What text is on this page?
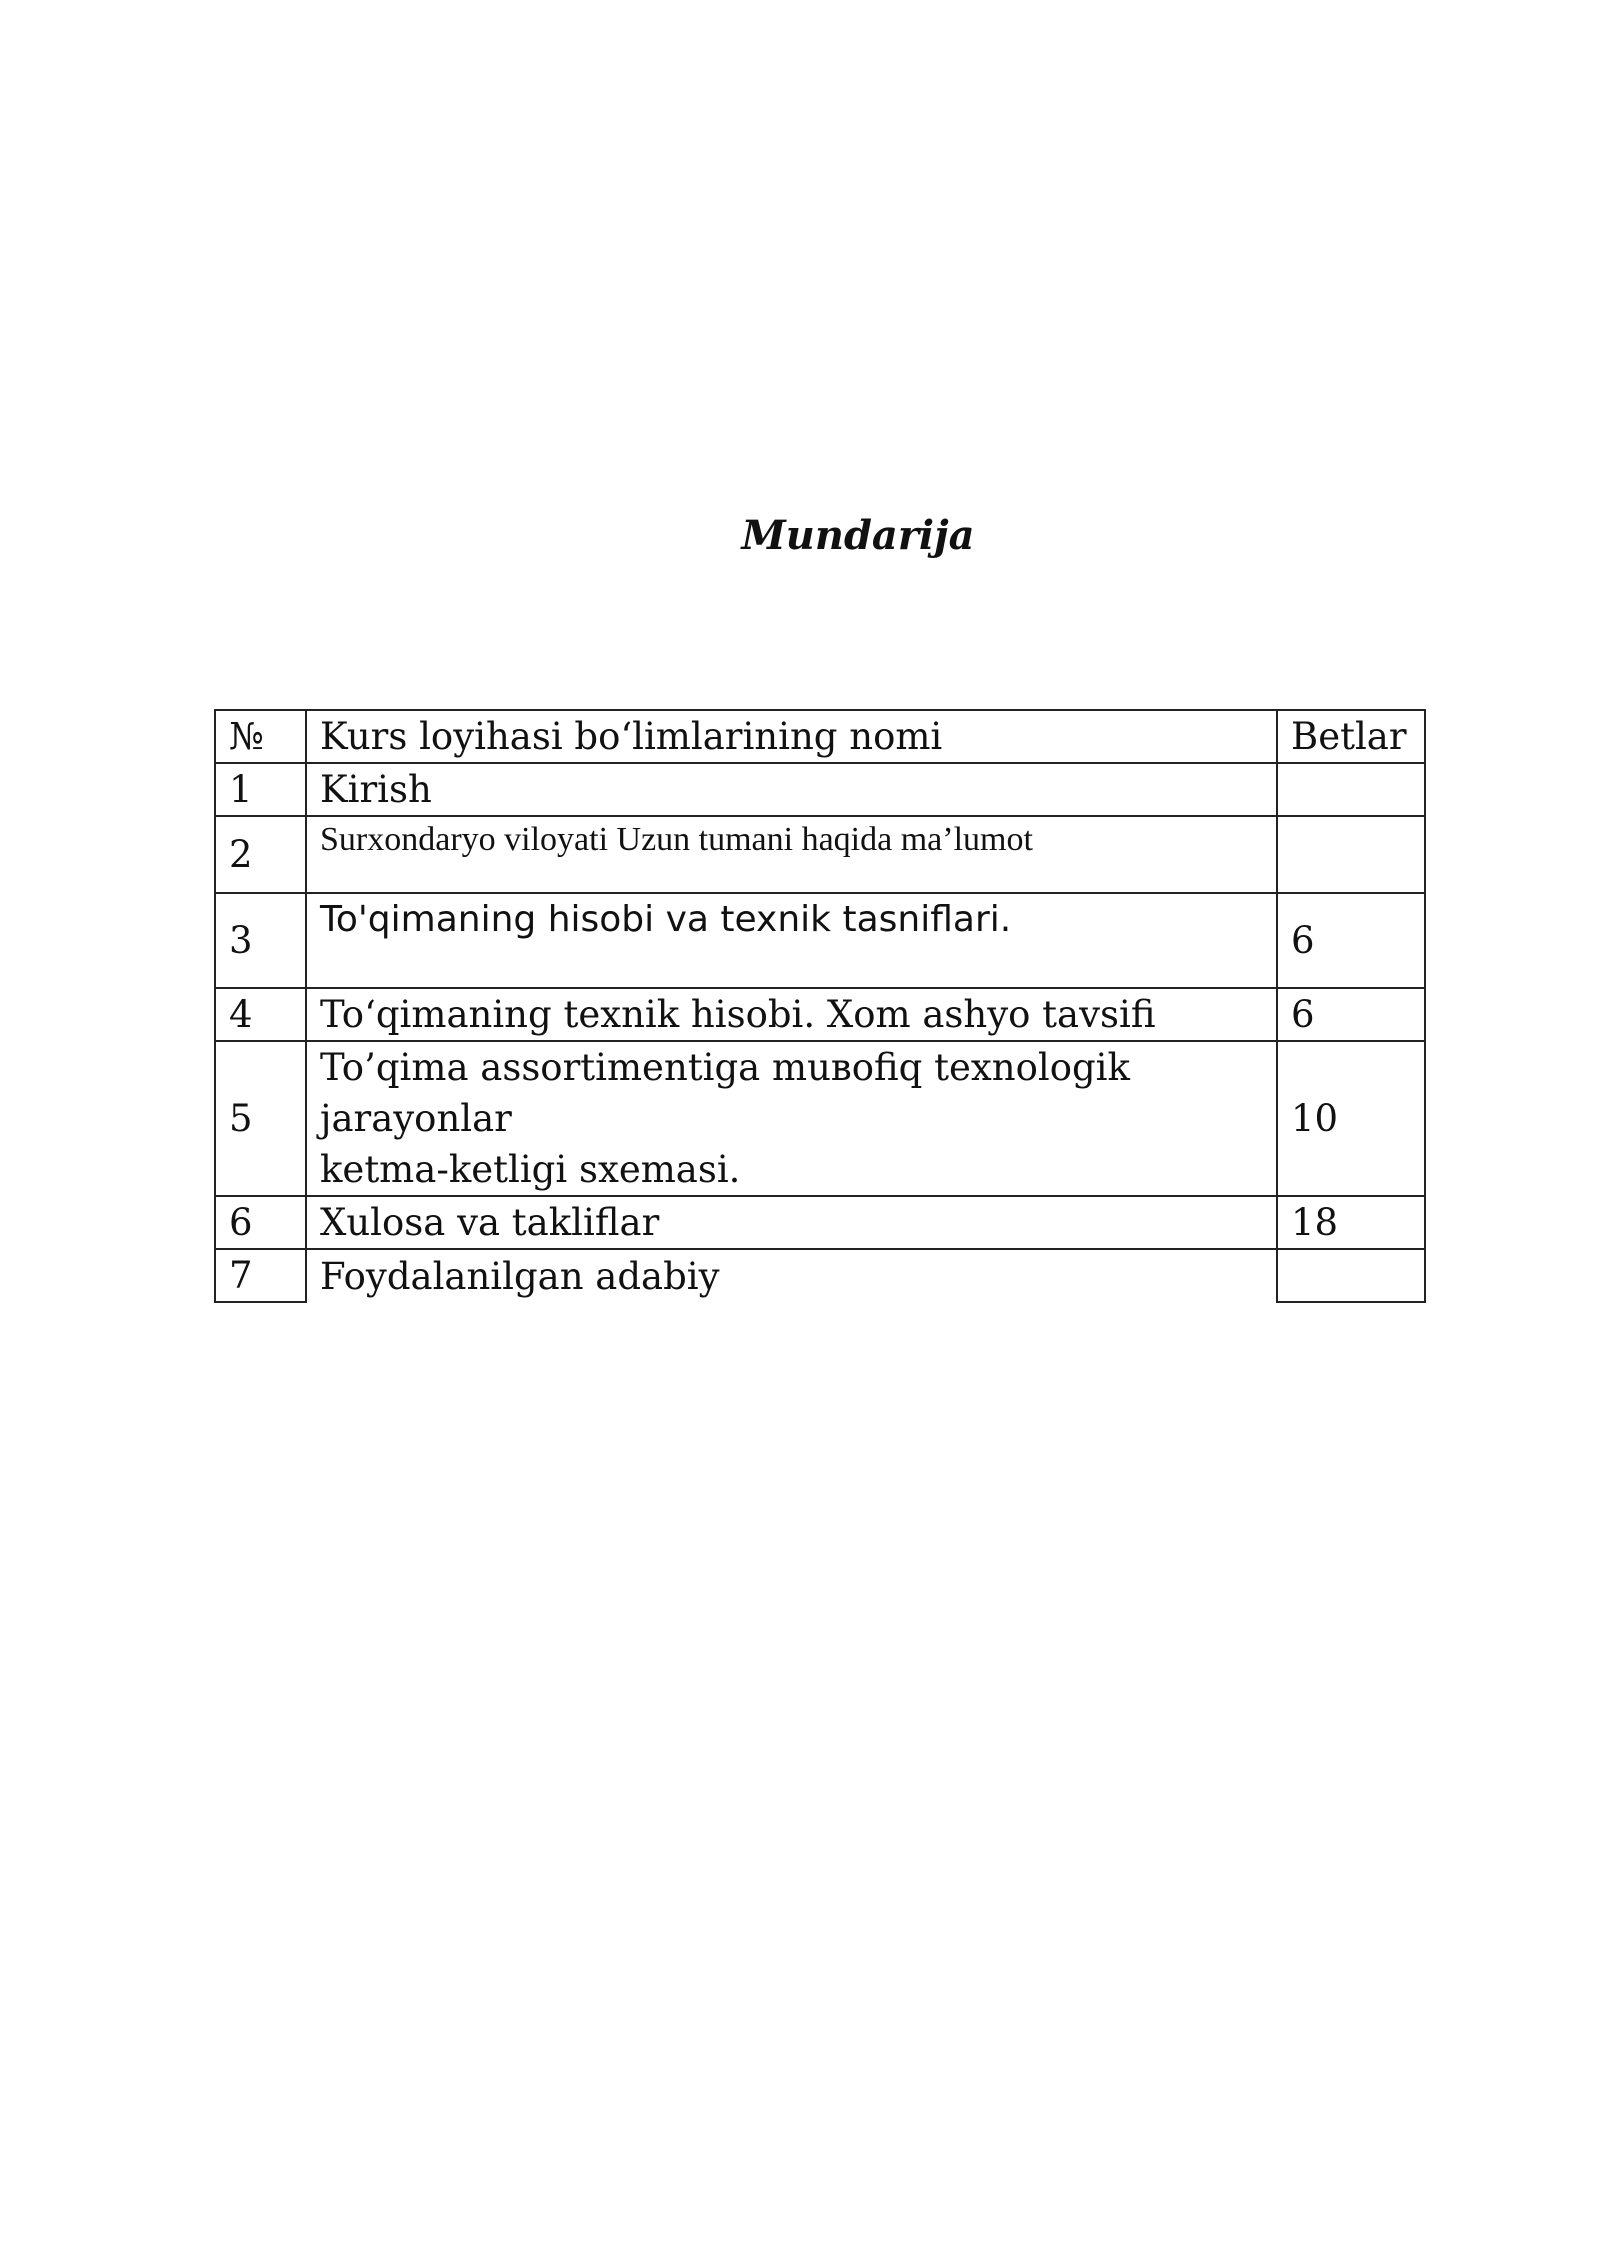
Mundarija
№	Kurs loyihasi bo‘limlarining nomi	Betlar
1	Kirish	
2	Surxondaryo viloyati Uzun tumani haqida ma’lumot	
3	To'qimaning hisobi va texnik tasniflari.	6
4	To‘qimaning texnik hisobi. Xom ashyo tavsifi	6
5	To’qima assortimentiga muвofiq texnologik
jarayonlar
ketma-ketligi sxemasi.	10
6	Xulosa va takliflar	18
7	Foydalanilgan adabiy	
